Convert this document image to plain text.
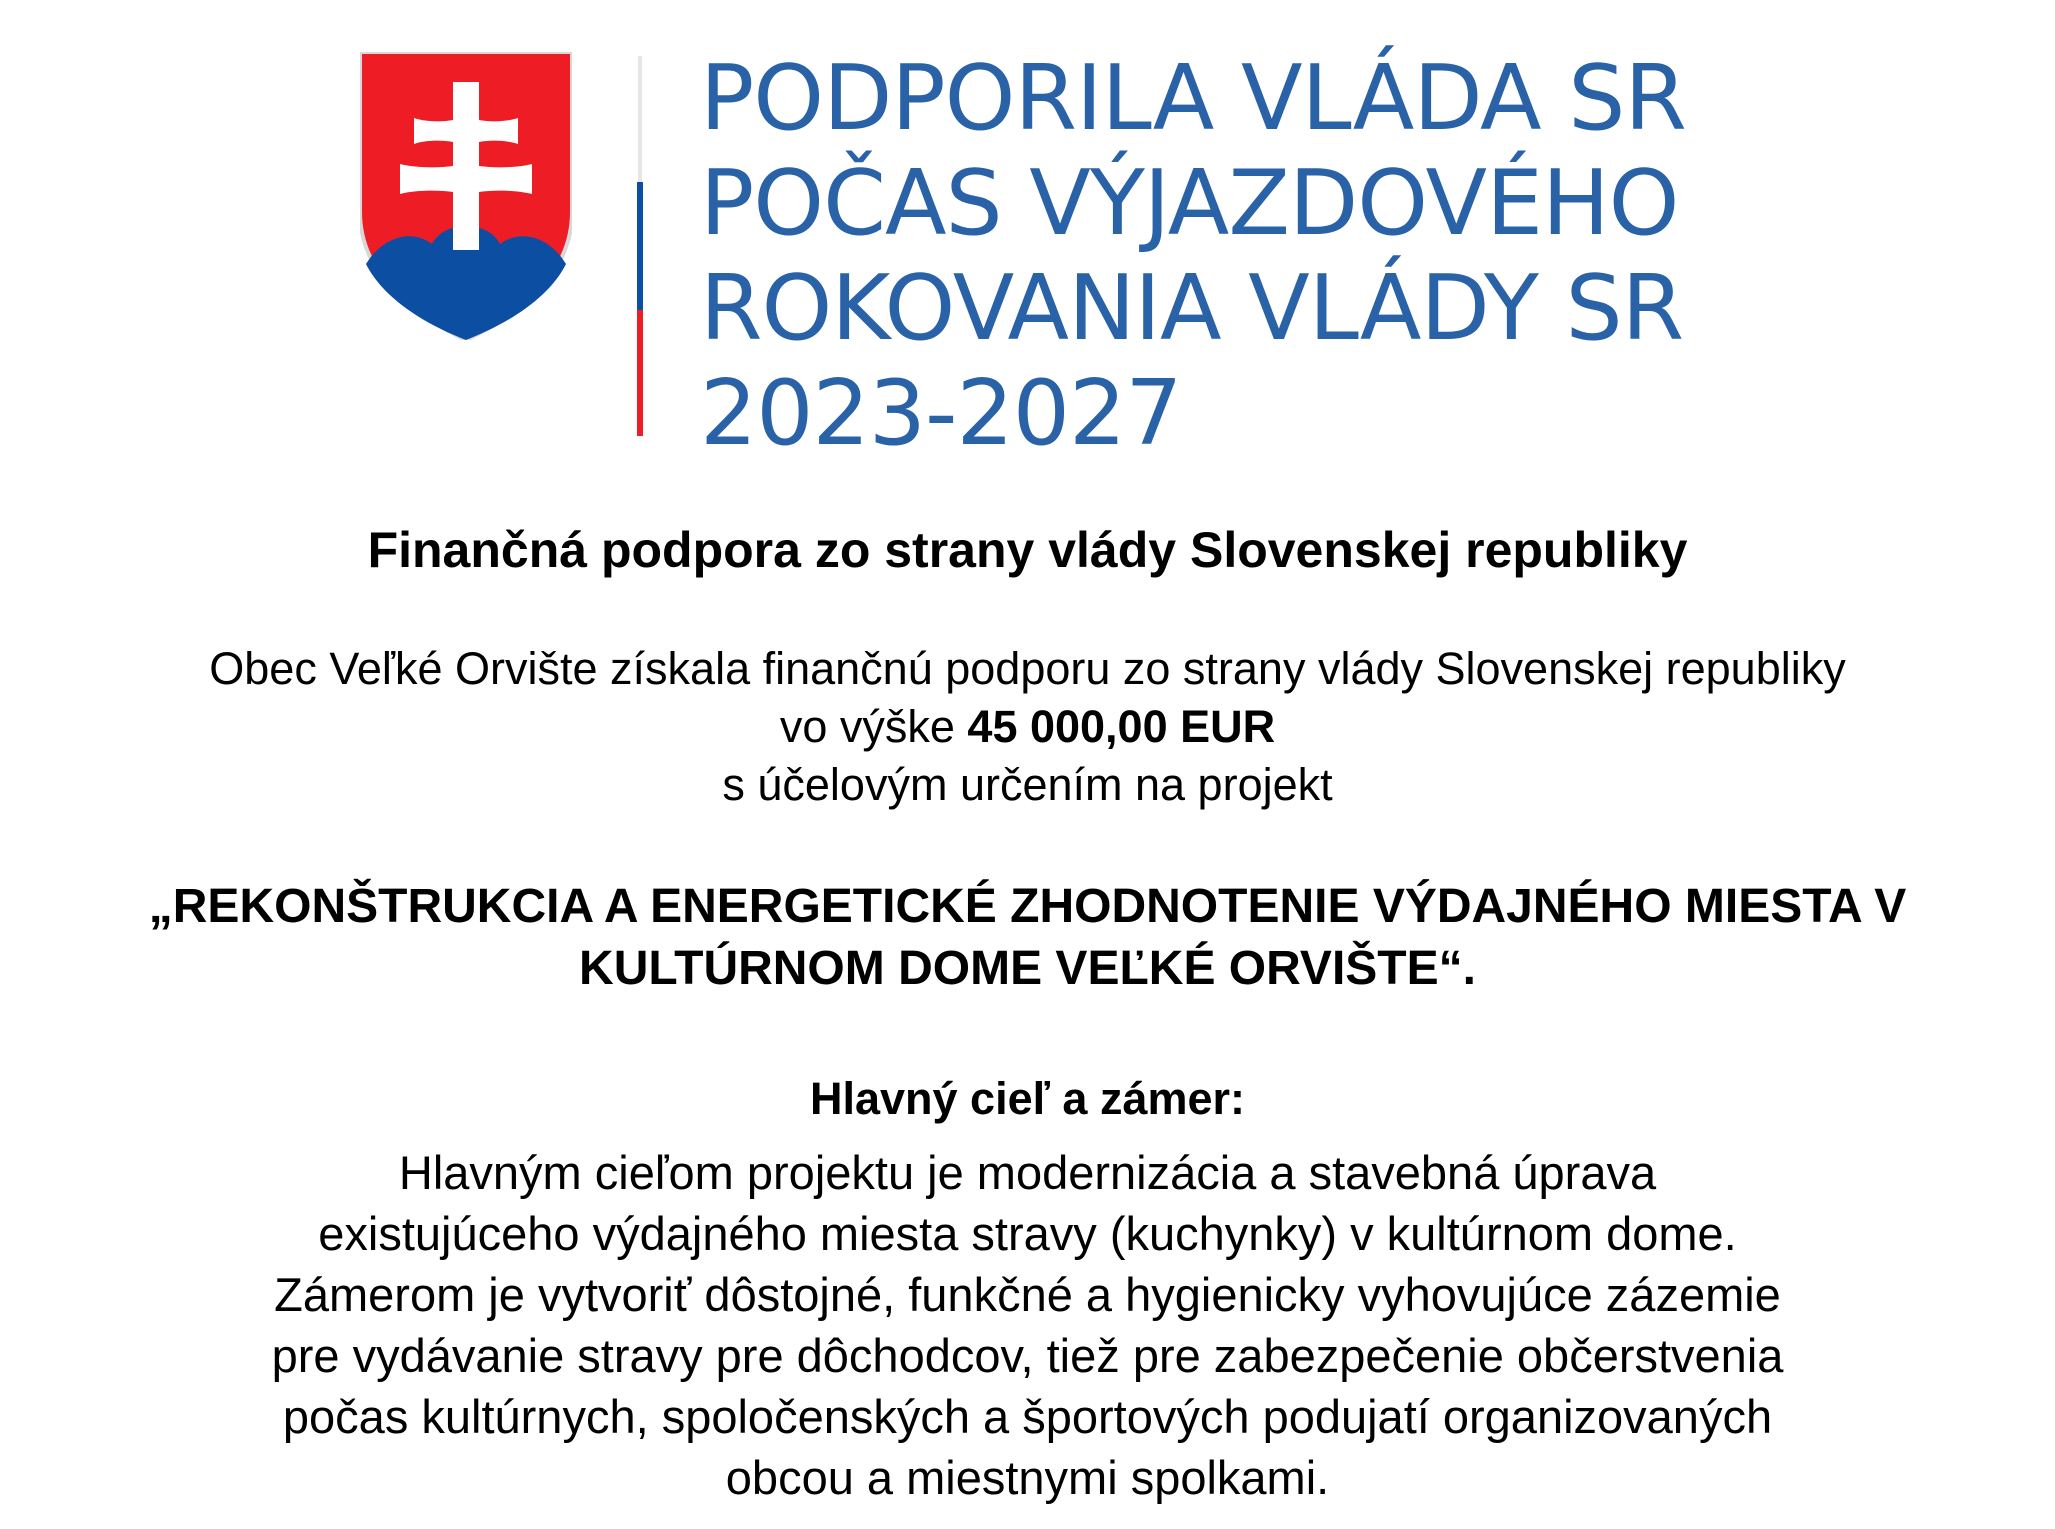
PODPORILA VLÁDA SR
POČAS VÝJAZDOVÉHO
ROKOVANIA VLÁDY SR
2023-2027
Finančná podpora zo strany vlády Slovenskej republiky
Obec Veľké Orvište získala finančnú podporu zo strany vlády Slovenskej republiky
vo výške 45 000,00 EUR
s účelovým určením na projekt
„REKONŠTRUKCIA A ENERGETICKÉ ZHODNOTENIE VÝDAJNÉHO MIESTA V
KULTÚRNOM DOME VEĽKÉ ORVIŠTE“.
Hlavný cieľ a zámer:
Hlavným cieľom projektu je modernizácia a stavebná úprava
existujúceho výdajného miesta stravy (kuchynky) v kultúrnom dome.
Zámerom je vytvoriť dôstojné, funkčné a hygienicky vyhovujúce zázemie
pre vydávanie stravy pre dôchodcov, tiež pre zabezpečenie občerstvenia
počas kultúrnych, spoločenských a športových podujatí organizovaných
obcou a miestnymi spolkami.
